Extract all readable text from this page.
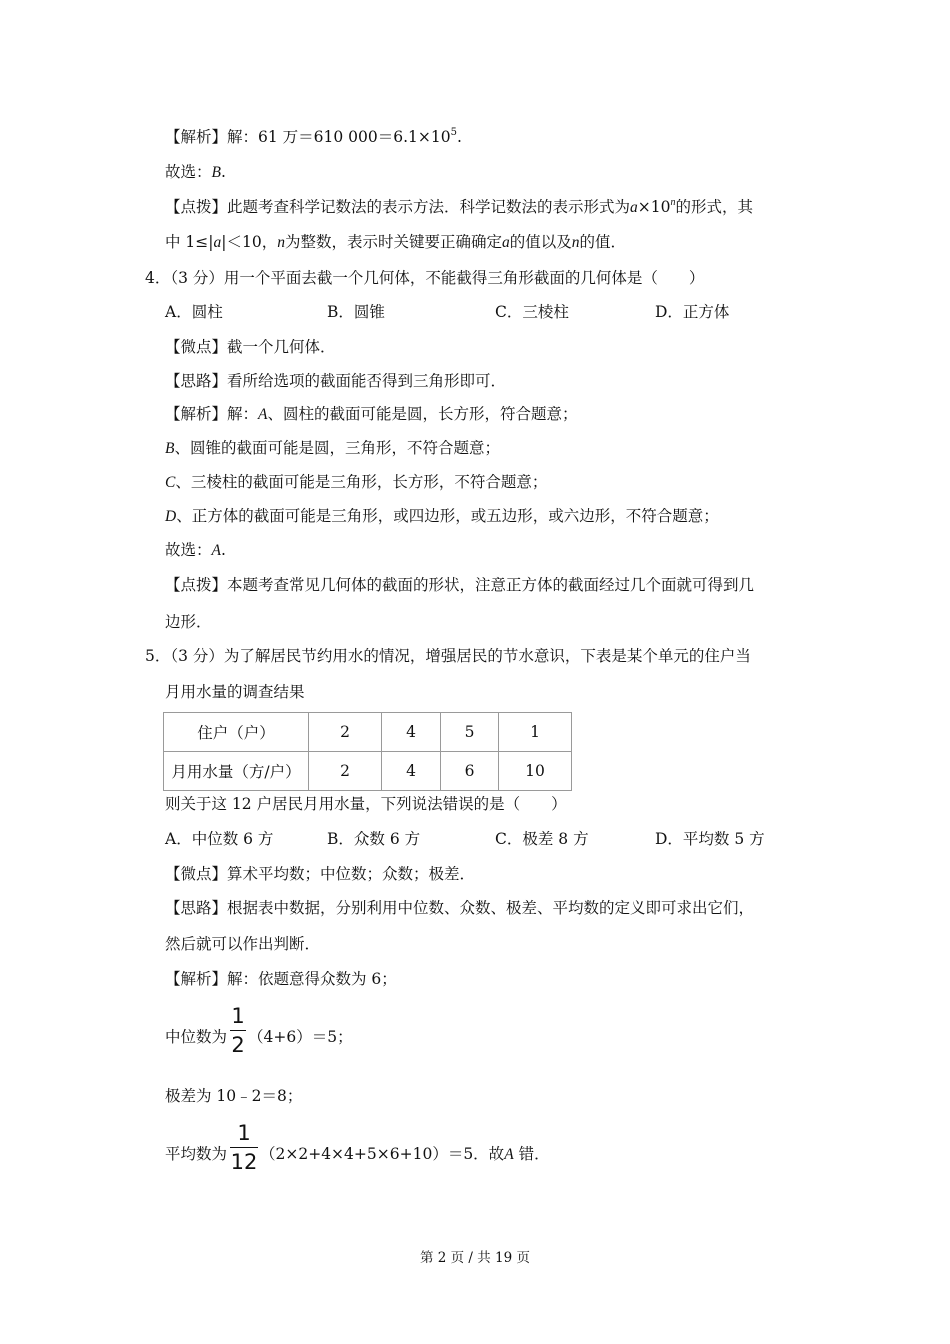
【解析】解：61 万＝610 $000=6.1\times 10^5$.
故选：B.
【点拨】此题考查科学记数法的表示方法．科学记数法的表示形式为$a\times 10^n$的形式，其
中 1≤|a|＜10，n为整数，表示时关键要正确确定a的值以及n的值．
4．（3 分）用一个平面去截一个几何体，不能截得三角形截面的几何体是（　　）
A．圆柱	B．圆锥	C．三棱柱	D．正方体
【微点】截一个几何体．
【思路】看所给选项的截面能否得到三角形即可．
【解析】解：A、圆柱的截面可能是圆，长方形，符合题意；
B、圆锥的截面可能是圆，三角形，不符合题意；
C、三棱柱的截面可能是三角形，长方形，不符合题意；
D、正方体的截面可能是三角形，或四边形，或五边形，或六边形，不符合题意；
故选：A.
【点拨】本题考查常见几何体的截面的形状，注意正方体的截面经过几个面就可得到几
边形．
5．（3 分）为了解居民节约用水的情况，增强居民的节水意识，下表是某个单元的住户当
月用水量的调查结果
住户（户）	2	4	5	1
月用水量（方/户）	2	4	6	10
则关于这 12 户居民月用水量，下列说法错误的是（　　）
A．中位数 6 方	B．众数 6 方	C．极差 8 方	D．平均数 5 方
【微点】算术平均数；中位数；众数；极差．
【思路】根据表中数据，分别利用中位数、众数、极差、平均数的定义即可求出它们，
然后就可以作出判断．
【解析】解：依题意得众数为 6；
中位数为
1
2 （4+6）＝5；
极差为 10﹣2＝8；
平均数为
1
12 （2×2+4×4+5×6+10）＝5．故A 错．
第 2 页 / 共 19 页
